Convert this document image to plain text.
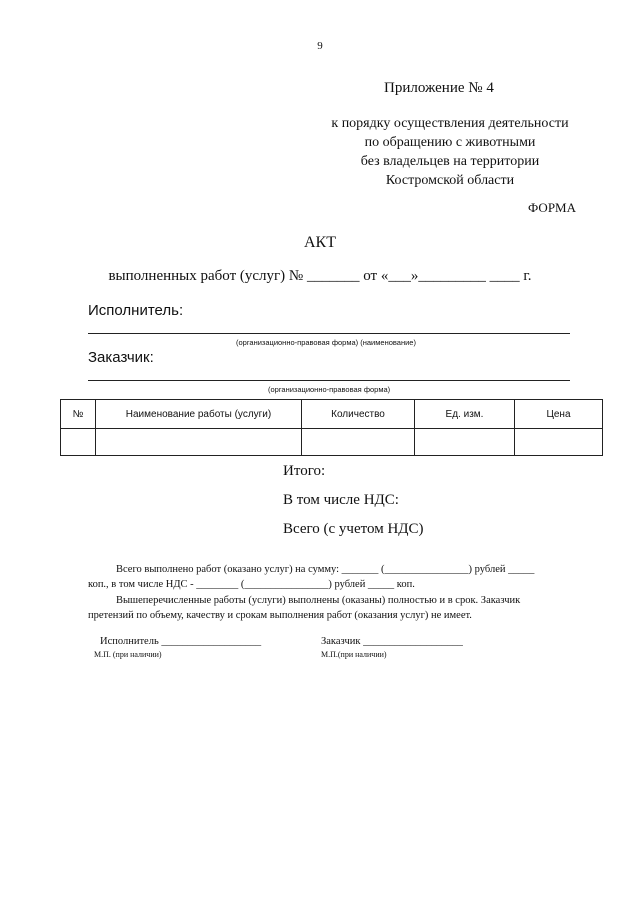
9
Приложение № 4
к порядку осуществления деятельности
по обращению с животными
без владельцев на территории
Костромской области
ФОРМА
АКТ
выполненных работ (услуг) № _______ от «___»_________ ____ г.
Исполнитель:
(организационно-правовая форма) (наименование)
Заказчик:
(организационно-правовая форма)
№	Наименование работы (услуги)	Количество	Ед. изм.	Цена

Итого:
В том числе НДС:
Всего (с учетом НДС)

Всего выполнено работ (оказано услуг) на сумму: _______ (________________) рублей _____

коп., в том числе НДС - ________ (________________) рублей _____ коп.

Вышеперечисленные работы (услуги) выполнены (оказаны) полностью и в срок. Заказчик

претензий по объему, качеству и срокам выполнения работ (оказания услуг) не имеет.

Исполнитель ___________________
М.П. (при наличии)
Заказчик ___________________
М.П.(при наличии)
